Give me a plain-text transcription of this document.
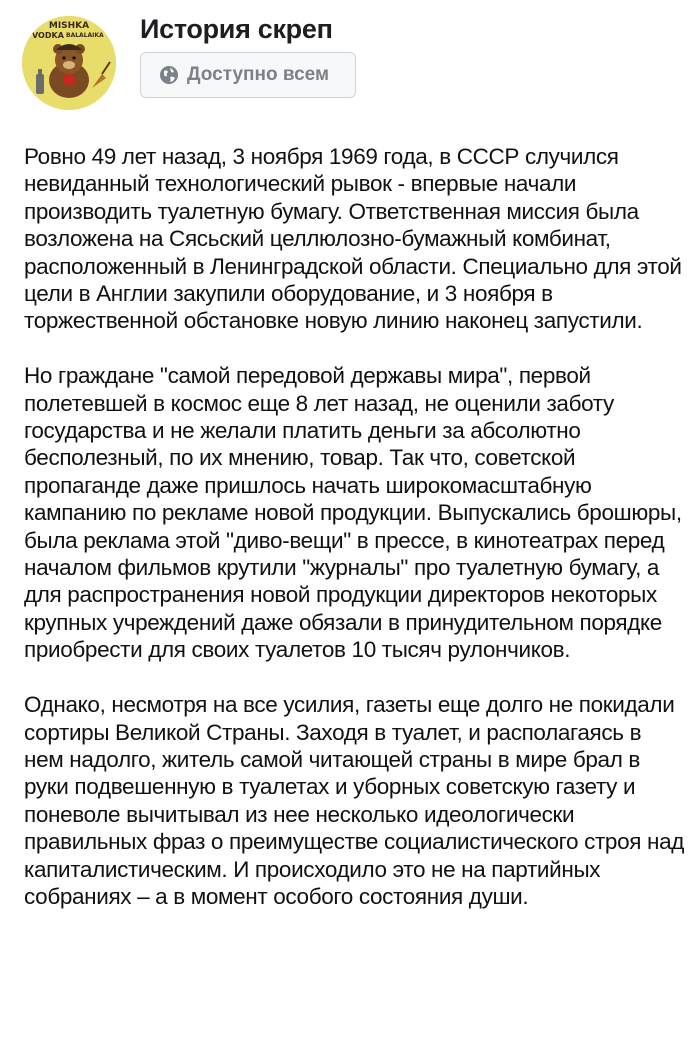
MISHKA
VODKA BALALAIKA История скреп
Доступно всем

Ровно 49 лет назад, 3 ноября 1969 года, в СССР случился невиданный технологический рывок - впервые начали производить туалетную бумагу. Ответственная миссия была возложена на Сясьский целлюлозно-бумажный комбинат, расположенный в Ленинградской области. Специально для этой цели в Англии закупили оборудование, и 3 ноября в торжественной обстановке новую линию наконец запустили.

Но граждане "самой передовой державы мира", первой полетевшей в космос еще 8 лет назад, не оценили заботу государства и не желали платить деньги за абсолютно бесполезный, по их мнению, товар. Так что, советской пропаганде даже пришлось начать широкомасштабную кампанию по рекламе новой продукции. Выпускались брошюры, была реклама этой "диво-вещи" в прессе, в кинотеатрах перед началом фильмов крутили "журналы" про туалетную бумагу, а для распространения новой продукции директоров некоторых крупных учреждений даже обязали в принудительном порядке приобрести для своих туалетов 10 тысяч рулончиков.

Однако, несмотря на все усилия, газеты еще долго не покидали сортиры Великой Страны. Заходя в туалет, и располагаясь в нем надолго, житель самой читающей страны в мире брал в руки подвешенную в туалетах и уборных советскую газету и поневоле вычитывал из нее несколько идеологически правильных фраз о преимуществе социалистического строя над капиталистическим. И происходило это не на партийных собраниях – а в момент особого состояния души.
